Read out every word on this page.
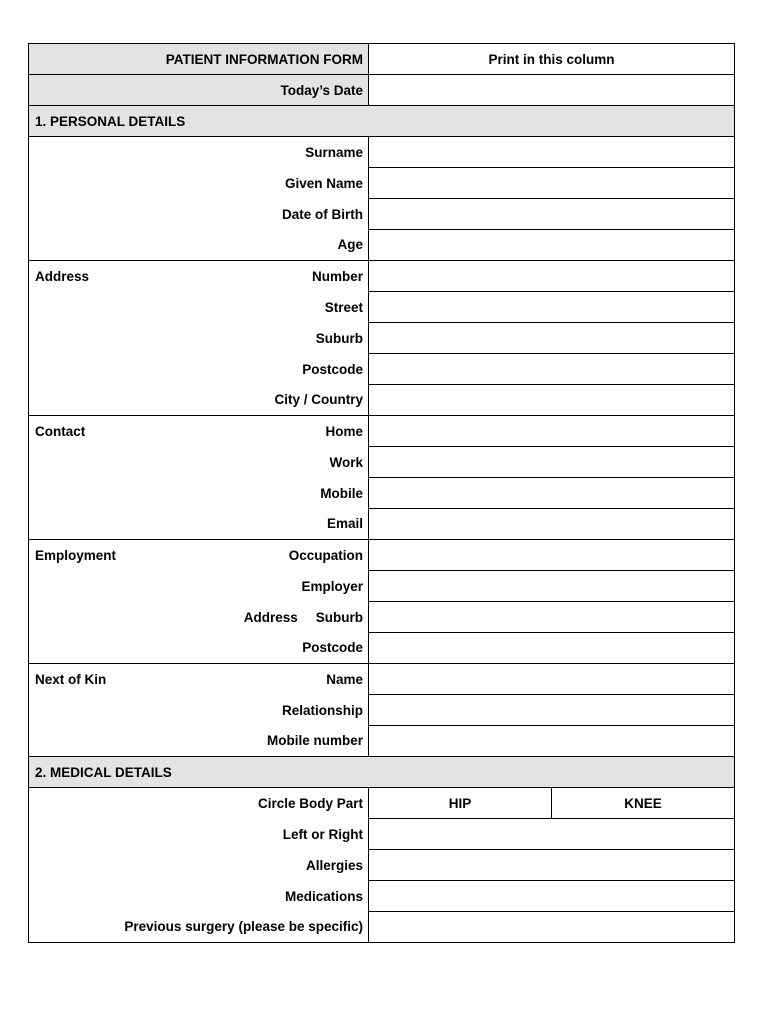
PATIENT INFORMATION FORM	Print in this column	
Today’s Date		
1. PERSONAL DETAILS		
Surname		
Given Name		
Date of Birth		
Age		

Address Number		
Street		
Suburb		
Postcode		
City / Country		

Contact Home		
Work		
Mobile		
Email		

Employment Occupation		
Employer		
Address Suburb		
Postcode		

Next of Kin Name		
Relationship		
Mobile number		
2. MEDICAL DETAILS		
Circle Body Part	HIP	KNEE
Left or Right		
Allergies		
Medications		
Previous surgery (please be specific)		
